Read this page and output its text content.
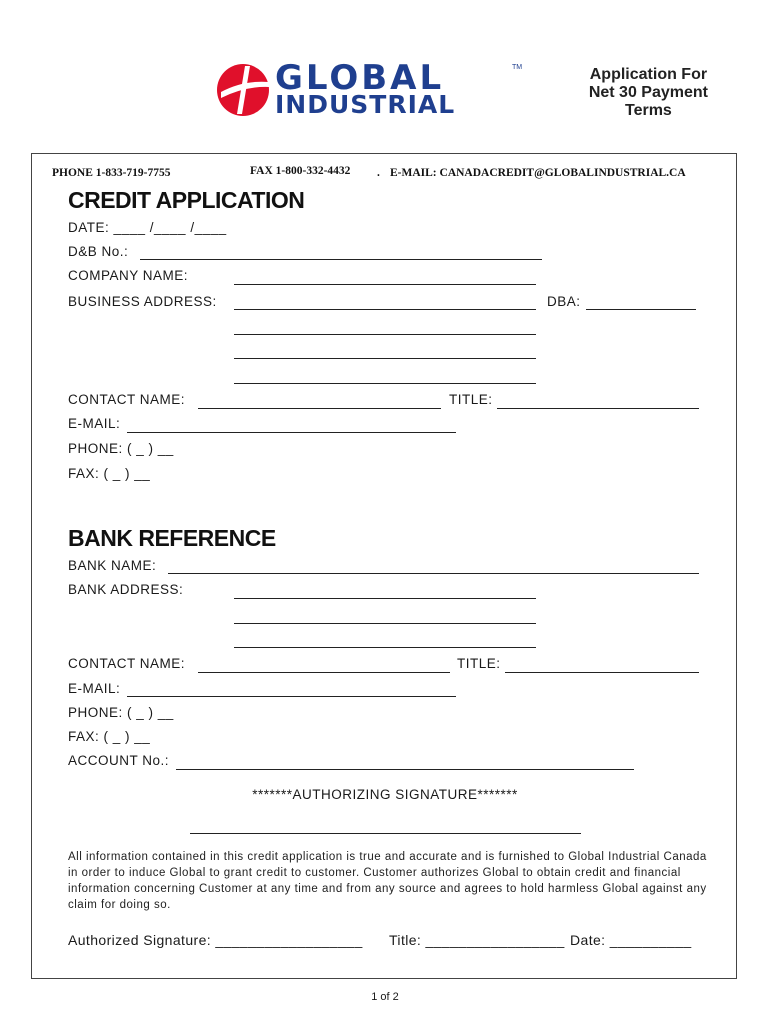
GLOBAL
INDUSTRIAL
TM	Application For
Net 30 Payment
Terms
PHONE 1-833-719-7755	FAX 1-800-332-4432 . E-MAIL: CANADACREDIT@GLOBALINDUSTRIAL.CA
CREDIT APPLICATION
DATE: ____ /____ /____
D&B No.:
COMPANY NAME:
BUSINESS ADDRESS:	DBA:
CONTACT NAME:	TITLE:
E-MAIL:
PHONE: ( _ ) __
FAX: ( _ ) __
BANK REFERENCE
BANK NAME:
BANK ADDRESS:
CONTACT NAME:	TITLE:
E-MAIL:
PHONE: ( _ ) __
FAX: ( _ ) __
ACCOUNT No.:
*******AUTHORIZING SIGNATURE*******
All information contained in this credit application is true and accurate and is furnished to Global Industrial Canada in order to induce Global to grant credit to customer. Customer authorizes Global to obtain credit and financial information concerning Customer at any time and from any source and agrees to hold harmless Global against any claim for doing so.
Authorized Signature: __________________ Title: _________________ Date: __________
1 of 2
